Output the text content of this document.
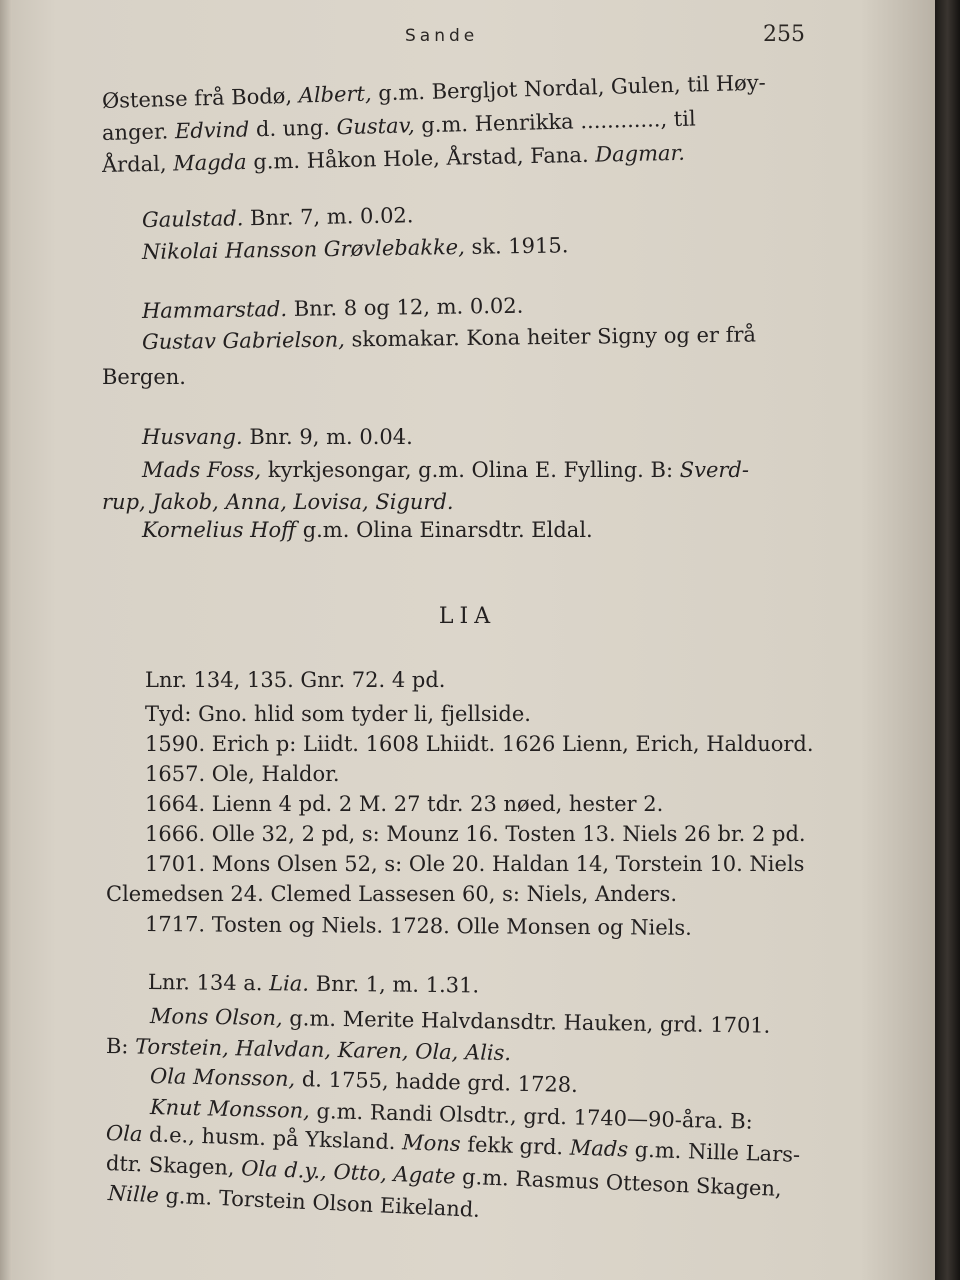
Sande	255
Østense frå Bodø, Albert, g.m. Bergljot Nordal, Gulen, til Høy-
anger. Edvind d. ung. Gustav, g.m. Henrikka ............, til
Årdal, Magda g.m. Håkon Hole, Årstad, Fana. Dagmar.
Gaulstad. Bnr. 7, m. 0.02.
Nikolai Hansson Grøvlebakke, sk. 1915.
Hammarstad. Bnr. 8 og 12, m. 0.02.
Gustav Gabrielson, skomakar. Kona heiter Signy og er frå
Bergen.
Husvang. Bnr. 9, m. 0.04.
Mads Foss, kyrkjesongar, g.m. Olina E. Fylling. B: Sverd-
rup, Jakob, Anna, Lovisa, Sigurd.
Kornelius Hoff g.m. Olina Einarsdtr. Eldal.
LIA
Lnr. 134, 135. Gnr. 72. 4 pd.
Tyd: Gno. hlid som tyder li, fjellside.
1590. Erich p: Liidt. 1608 Lhiidt. 1626 Lienn, Erich, Halduord.
1657. Ole, Haldor.
1664. Lienn 4 pd. 2 M. 27 tdr. 23 nøed, hester 2.
1666. Olle 32, 2 pd, s: Mounz 16. Tosten 13. Niels 26 br. 2 pd.
1701. Mons Olsen 52, s: Ole 20. Haldan 14, Torstein 10. Niels
Clemedsen 24. Clemed Lassesen 60, s: Niels, Anders.
1717. Tosten og Niels. 1728. Olle Monsen og Niels.
Lnr. 134 a. Lia. Bnr. 1, m. 1.31.
Mons Olson, g.m. Merite Halvdansdtr. Hauken, grd. 1701.
B: Torstein, Halvdan, Karen, Ola, Alis.
Ola Monsson, d. 1755, hadde grd. 1728.
Knut Monsson, g.m. Randi Olsdtr., grd. 1740—90-åra. B:
Ola d.e., husm. på Yksland. Mons fekk grd. Mads g.m. Nille Lars-
dtr. Skagen, Ola d.y., Otto, Agate g.m. Rasmus Otteson Skagen,
Nille g.m. Torstein Olson Eikeland.
